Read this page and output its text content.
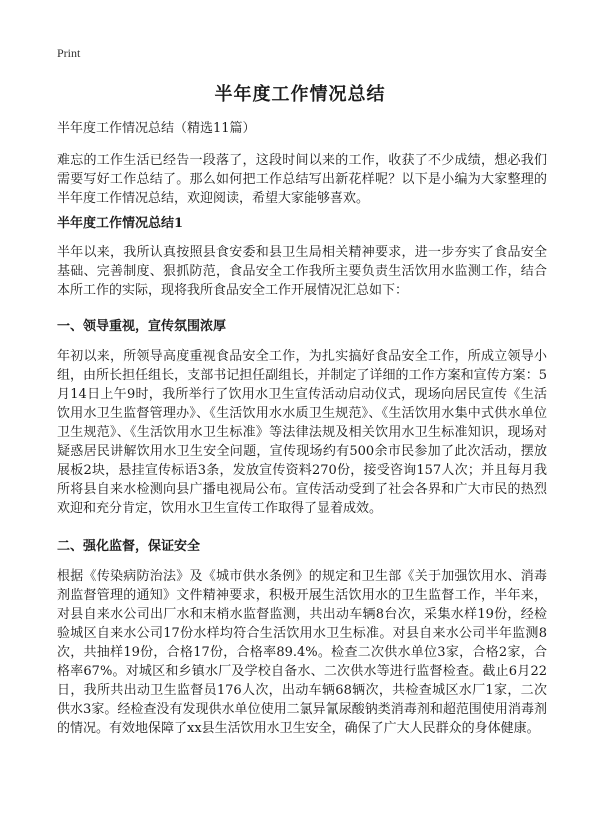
Print
半年度工作情况总结
半年度工作情况总结（精选11篇）
难忘的工作生活已经告一段落了，这段时间以来的工作，收获了不少成绩，想必我们需要写好工作总结了。那么如何把工作总结写出新花样呢？以下是小编为大家整理的半年度工作情况总结，欢迎阅读，希望大家能够喜欢。
半年度工作情况总结1
半年以来，我所认真按照县食安委和县卫生局相关精神要求，进一步夯实了食品安全基础、完善制度、狠抓防范，食品安全工作我所主要负责生活饮用水监测工作，结合本所工作的实际，现将我所食品安全工作开展情况汇总如下：
一、领导重视，宣传氛围浓厚
年初以来，所领导高度重视食品安全工作，为扎实搞好食品安全工作，所成立领导小组，由所长担任组长，支部书记担任副组长，并制定了详细的工作方案和宣传方案：5月14日上午9时，我所举行了饮用水卫生宣传活动启动仪式，现场向居民宣传《生活饮用水卫生监督管理办》、《生活饮用水水质卫生规范》、《生活饮用水集中式供水单位卫生规范》、《生活饮用水卫生标准》等法律法规及相关饮用水卫生标准知识，现场对疑惑居民讲解饮用水卫生安全问题，宣传现场约有500余市民参加了此次活动，摆放展板2块，悬挂宣传标语3条，发放宣传资料270份，接受咨询157人次；并且每月我所将县自来水检测向县广播电视局公布。宣传活动受到了社会各界和广大市民的热烈欢迎和充分肯定，饮用水卫生宣传工作取得了显着成效。
二、强化监督，保证安全
根据《传染病防治法》及《城市供水条例》的规定和卫生部《关于加强饮用水、消毒剂监督管理的通知》文件精神要求，积极开展生活饮用水的卫生监督工作，半年来，对县自来水公司出厂水和末梢水监督监测，共出动车辆8台次，采集水样19份，经检验城区自来水公司17份水样均符合生活饮用水卫生标准。对县自来水公司半年监测8次，共抽样19份，合格17份，合格率89.4%。检查二次供水单位3家，合格2家，合格率67%。对城区和乡镇水厂及学校自备水、二次供水等进行监督检查。截止6月22日，我所共出动卫生监督员176人次，出动车辆68辆次，共检查城区水厂1家，二次供水3家。经检查没有发现供水单位使用二氯异氰尿酸钠类消毒剂和超范围使用消毒剂的情况。有效地保障了xx县生活饮用水卫生安全，确保了广大人民群众的身体健康。
